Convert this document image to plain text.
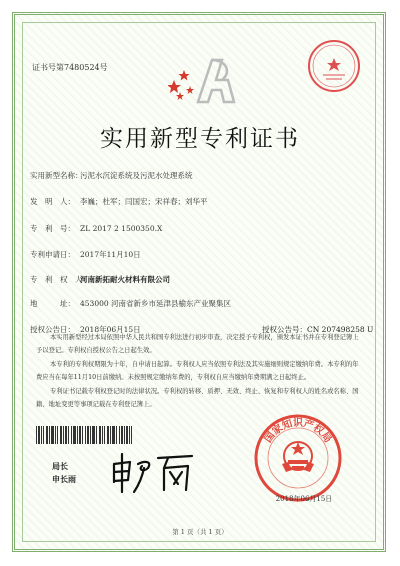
证书号第7480524号
实用新型专利证书
实用新型名称：污泥水沉淀系统及污泥水处理系统
发　明　人： 李巍；杜军；闫国宏；宋祥春；刘华平
专　利　号： ZL 2017 2 1500350.X
专利申请日： 2017年11月10日
专　利　权　人：河南新拓耐火材料有限公司
地　　　址： 453000 河南省新乡市延津县榆东产业聚集区
授权公告日： 2018年06月15日	授权公告号：CN 207498258 U

本实用新型经过本局依照中华人民共和国专利法进行初步审查，决定授予专利权，颁发本证书并在专利登记簿上予以登记。专利权自授权公告之日起生效。

本专利的专利权期限为十年，自申请日起算。专利权人应当依照专利法及其实施细则规定缴纳年费。本专利的年费应当在每年11月10日前缴纳。未按照规定缴纳年费的，专利权自应当缴纳年费期满之日起终止。

专利证书记载专利权登记时的法律状况。专利权的转移、质押、无效、终止、恢复和专利权人的姓名或名称、国籍、地址变更等事项记载在专利登记簿上。

局长
申长雨
国家知识产权局
2018年06月15日
第 1 页（共 1 页）
